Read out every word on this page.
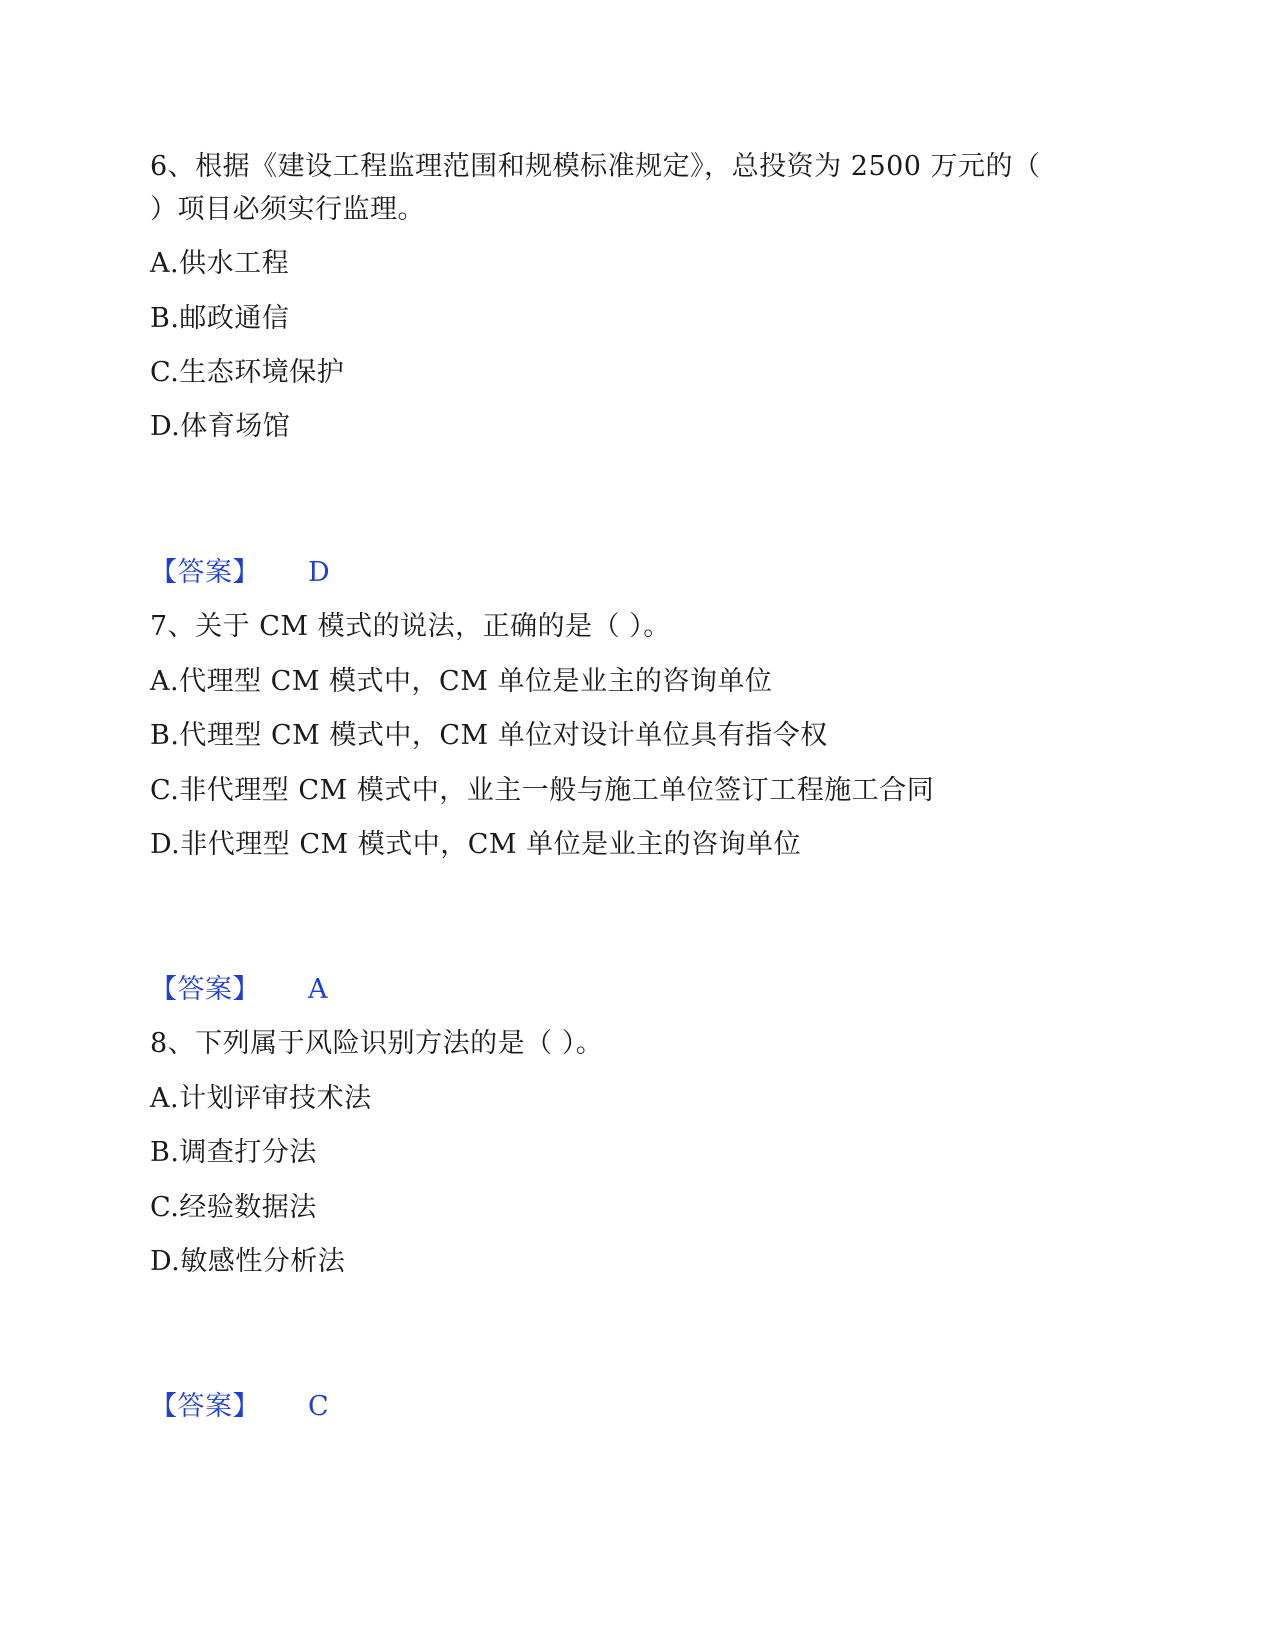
6、根据《建设工程监理范围和规模标准规定》，总投资为 2500 万元的（
）项目必须实行监理。
A.供水工程
B.邮政通信
C.生态环境保护
D.体育场馆
【答案】 D
7、关于 CM 模式的说法，正确的是（ ）。
A.代理型 CM 模式中，CM 单位是业主的咨询单位
B.代理型 CM 模式中，CM 单位对设计单位具有指令权
C.非代理型 CM 模式中，业主一般与施工单位签订工程施工合同
D.非代理型 CM 模式中，CM 单位是业主的咨询单位
【答案】 A
8、下列属于风险识别方法的是（ ）。
A.计划评审技术法
B.调查打分法
C.经验数据法
D.敏感性分析法
【答案】 C
